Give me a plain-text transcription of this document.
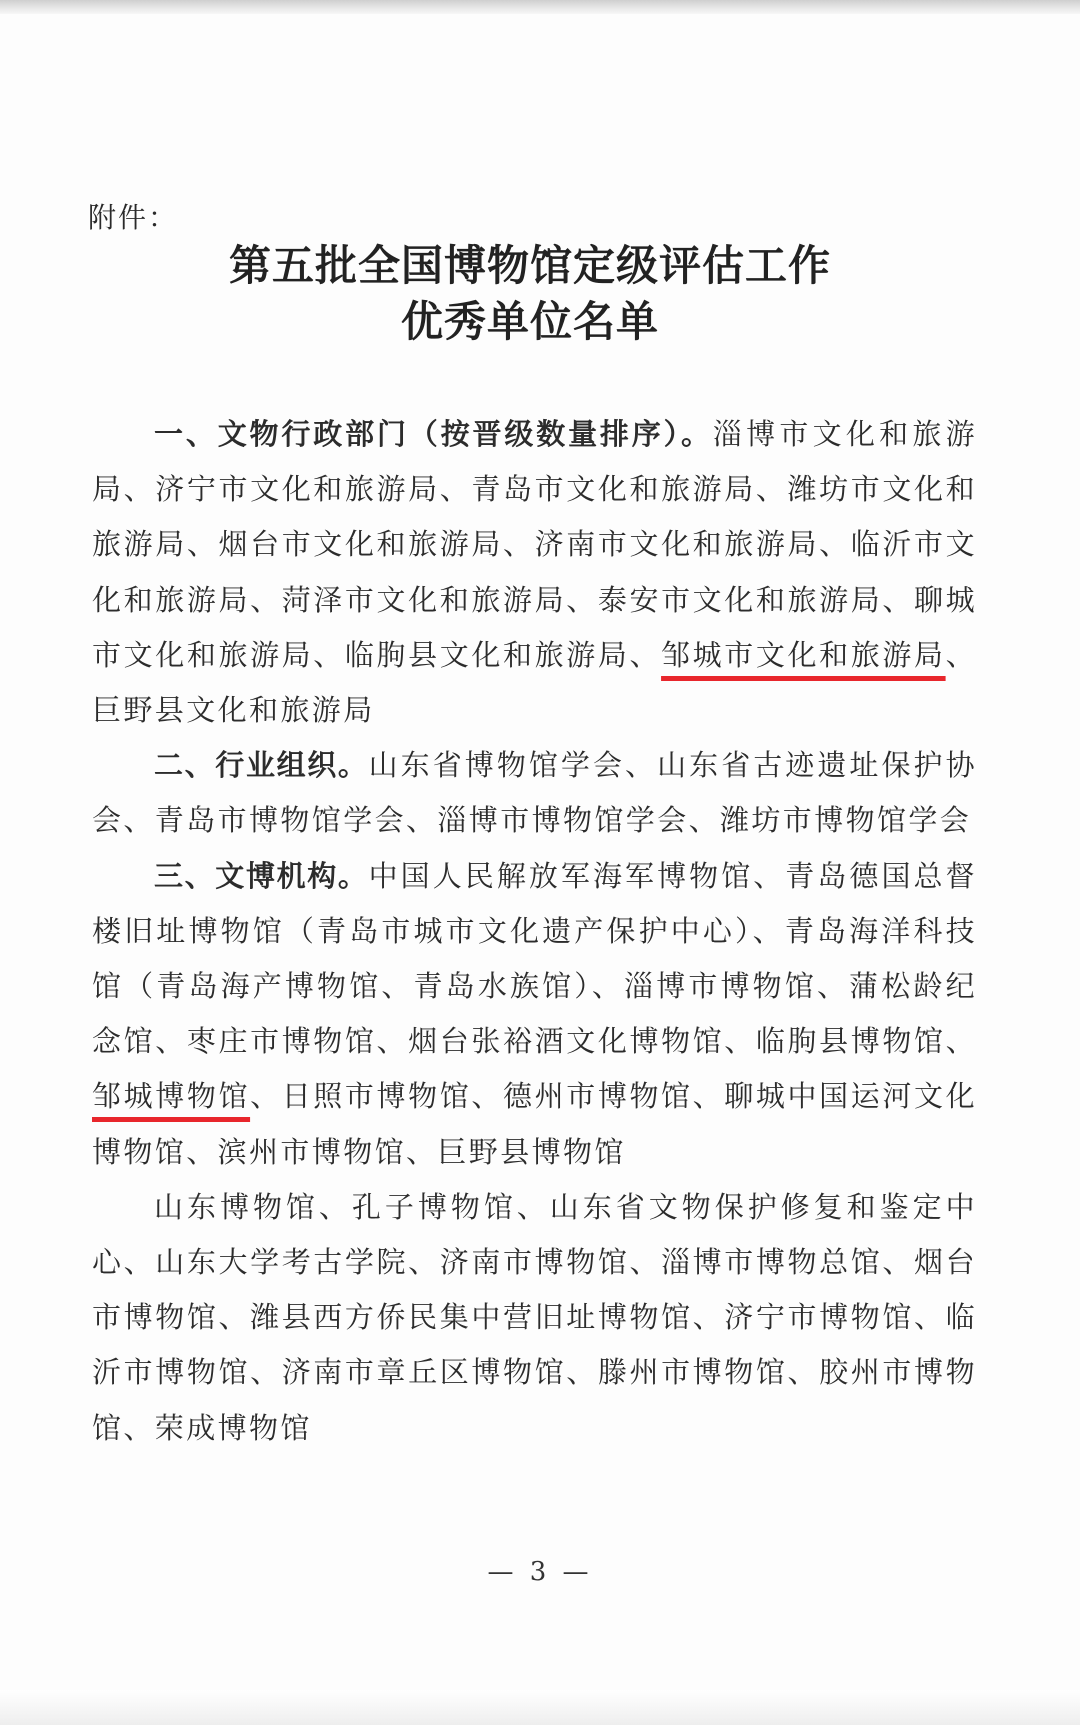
附件：
第五批全国博物馆定级评估工作
优秀单位名单

一、文物行政部门（按晋级数量排序）。淄博市文化和旅游局、济宁市文化和旅游局、青岛市文化和旅游局、潍坊市文化和旅游局、烟台市文化和旅游局、济南市文化和旅游局、临沂市文化和旅游局、菏泽市文化和旅游局、泰安市文化和旅游局、聊城市文化和旅游局、临朐县文化和旅游局、邹城市文化和旅游局、巨野县文化和旅游局

二、行业组织。山东省博物馆学会、山东省古迹遗址保护协会、青岛市博物馆学会、淄博市博物馆学会、潍坊市博物馆学会

三、文博机构。中国人民解放军海军博物馆、青岛德国总督楼旧址博物馆（青岛市城市文化遗产保护中心）、青岛海洋科技馆（青岛海产博物馆、青岛水族馆）、淄博市博物馆、蒲松龄纪念馆、枣庄市博物馆、烟台张裕酒文化博物馆、临朐县博物馆、邹城博物馆、日照市博物馆、德州市博物馆、聊城中国运河文化博物馆、滨州市博物馆、巨野县博物馆

山东博物馆、孔子博物馆、山东省文物保护修复和鉴定中心、山东大学考古学院、济南市博物馆、淄博市博物总馆、烟台市博物馆、潍县西方侨民集中营旧址博物馆、济宁市博物馆、临沂市博物馆、济南市章丘区博物馆、滕州市博物馆、胶州市博物馆、荣成博物馆

— 3 —
